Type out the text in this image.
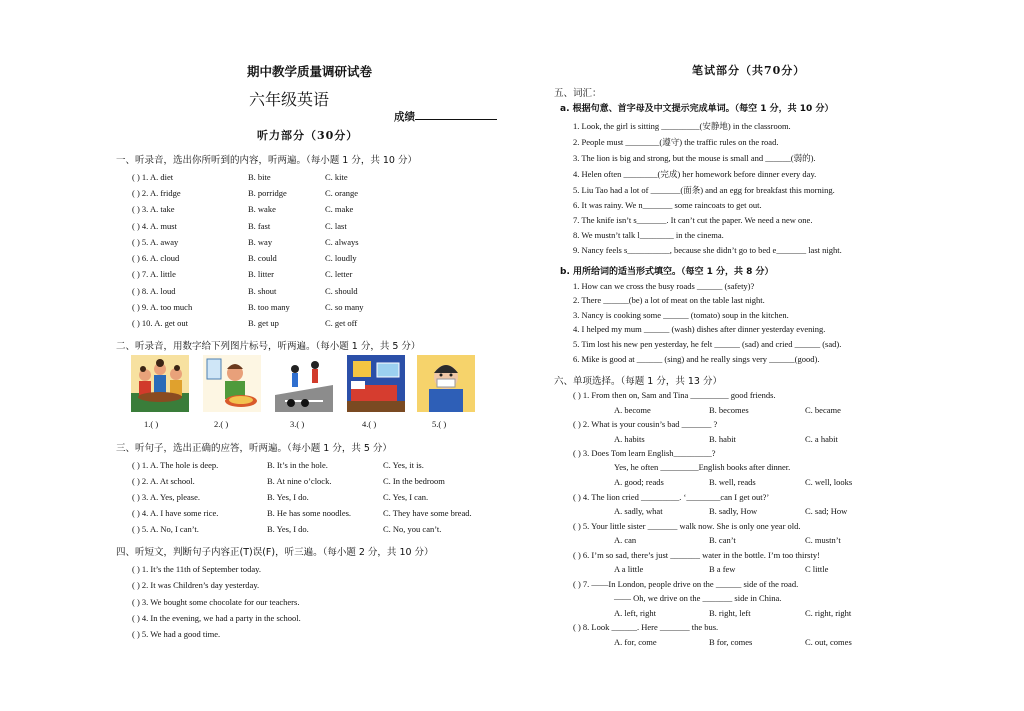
期中教学质量调研试卷
六年级英语
成绩
听力部分（30分）
一、听录音，选出你所听到的内容，听两遍。（每小题 1 分，共 10 分）
( ) 1. A. diet	B. bite	C. kite
( ) 2. A. fridge	B. porridge	C. orange
( ) 3. A. take	B. wake	C. make
( ) 4. A. must	B. fast	C. last
( ) 5. A. away	B. way	C. always
( ) 6. A. cloud	B. could	C. loudly
( ) 7. A. little	B. litter	C. letter
( ) 8. A. loud	B. shout	C. should
( ) 9. A. too much	B. too many	C. so many
( ) 10. A. get out	B. get up	C. get off
二、听录音，用数字给下列图片标号，听两遍。（每小题 1 分，共 5 分）
1.( )	2.( )	3.( )	4.( )	5.( )
三、听句子，选出正确的应答，听两遍。（每小题 1 分，共 5 分）
( ) 1. A. The hole is deep.	B. It’s in the hole.	C. Yes, it is.
( ) 2. A. At school.	B. At nine o’clock.	C. In the bedroom
( ) 3. A. Yes, please.	B. Yes, I do.	C. Yes, I can.
( ) 4. A. I have some rice.	B. He has some noodles.	C. They have some bread.
( ) 5. A. No, I can’t.	B. Yes, I do.	C. No, you can’t.
四、听短文，判断句子内容正(T)误(F)，听三遍。（每小题 2 分，共 10 分）
( ) 1. It’s the 11th of September today.
( ) 2. It was Children’s day yesterday.
( ) 3. We bought some chocolate for our teachers.
( ) 4. In the evening, we had a party in the school.
( ) 5. We had a good time.
笔试部分（共70分）
五、词汇：
a. 根据句意、首字母及中文提示完成单词。（每空 1 分，共 10 分）
1. Look, the girl is sitting _________(安静地) in the classroom.
2. People must ________(遵守) the traffic rules on the road.
3. The lion is big and strong, but the mouse is small and ______(弱的).
4. Helen often ________(完成) her homework before dinner every day.
5. Liu Tao had a lot of _______(面条) and an egg for breakfast this morning.
6. It was rainy. We n_______ some raincoats to get out.
7. The knife isn’t s_______. It can’t cut the paper. We need a new one.
8. We mustn’t talk l________ in the cinema.
9. Nancy feels s__________, because she didn’t go to bed e_______ last night.
b. 用所给词的适当形式填空。（每空 1 分，共 8 分）
1. How can we cross the busy roads ______ (safety)?
2. There ______(be) a lot of meat on the table last night.
3. Nancy is cooking some ______ (tomato) soup in the kitchen.
4. I helped my mum ______ (wash) dishes after dinner yesterday evening.
5. Tim lost his new pen yesterday, he felt ______ (sad) and cried ______ (sad).
6. Mike is good at ______ (sing) and he really sings very ______(good).
六、单项选择。（每题 1 分，共 13 分）
( ) 1. From then on, Sam and Tina _________ good friends.
A. become	B. becomes	C. became
( ) 2. What is your cousin’s bad _______ ?
A. habits	B. habit	C. a habit
( ) 3. Does Tom learn English_________?
Yes, he often _________English books after dinner.
A. good; reads	B. well, reads	C. well, looks
( ) 4. The lion cried _________. ‘________can I get out?’
A. sadly, what	B. sadly, How	C. sad; How
( ) 5. Your little sister _______ walk now. She is only one year old.
A. can	B. can’t	C. mustn’t
( ) 6. I’m so sad, there’s just _______ water in the bottle. I’m too thirsty!
A a little	B a few	C little
( ) 7. ——In London, people drive on the ______ side of the road.
—— Oh, we drive on the _______ side in China.
A. left, right	B. right, left	C. right, right
( ) 8. Look ______. Here _______ the bus.
A. for, come	B for, comes	C. out, comes
